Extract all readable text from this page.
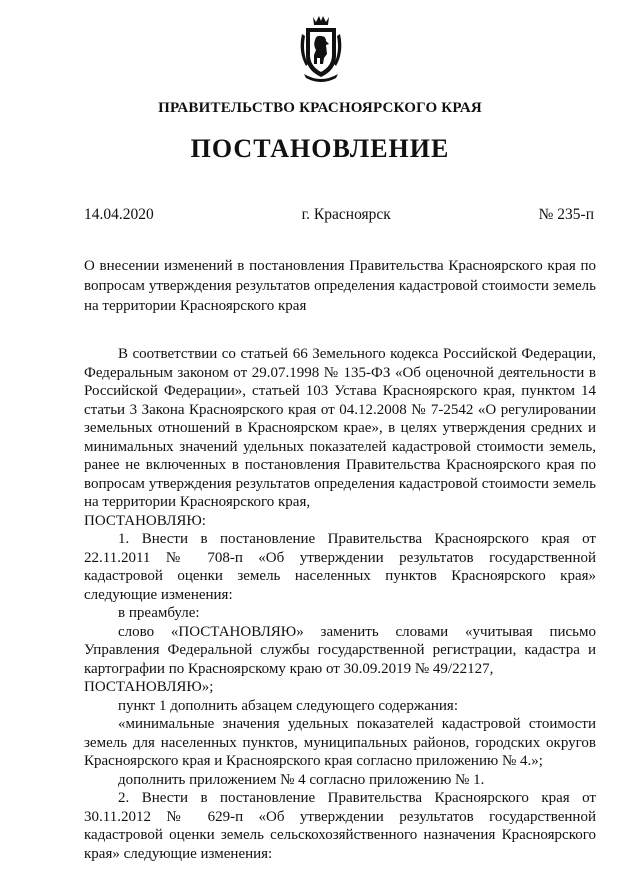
ПРАВИТЕЛЬСТВО КРАСНОЯРСКОГО КРАЯ
ПОСТАНОВЛЕНИЕ
14.04.2020	г. Красноярск	№ 235-п
О внесении изменений в постановления Правительства Красноярского края по вопросам утверждения результатов определения кадастровой стоимости земель на территории Красноярского края

В соответствии со статьей 66 Земельного кодекса Российской Федерации, Федеральным законом от 29.07.1998 № 135-ФЗ «Об оценочной деятельности в Российской Федерации», статьей 103 Устава Красноярского края, пунктом 14 статьи 3 Закона Красноярского края от 04.12.2008 № 7-2542 «О регулировании земельных отношений в Красноярском крае», в целях утверждения средних и минимальных значений удельных показателей кадастровой стоимости земель, ранее не включенных в постановления Правительства Красноярского края по вопросам утверждения результатов определения кадастровой стоимости земель на территории Красноярского края,

ПОСТАНОВЛЯЮ:

1. Внести в постановление Правительства Красноярского края от 22.11.2011 № 708-п «Об утверждении результатов государственной кадастровой оценки земель населенных пунктов Красноярского края» следующие изменения:

в преамбуле:

слово «ПОСТАНОВЛЯЮ» заменить словами «учитывая письмо Управления Федеральной службы государственной регистрации, кадастра и картографии по Красноярскому краю от 30.09.2019 № 49/22127,

ПОСТАНОВЛЯЮ»;

пункт 1 дополнить абзацем следующего содержания:

«минимальные значения удельных показателей кадастровой стоимости земель для населенных пунктов, муниципальных районов, городских округов Красноярского края и Красноярского края согласно приложению № 4.»;

дополнить приложением № 4 согласно приложению № 1.

2. Внести в постановление Правительства Красноярского края от 30.11.2012 № 629-п «Об утверждении результатов государственной кадастровой оценки земель сельскохозяйственного назначения Красноярского края» следующие изменения:
